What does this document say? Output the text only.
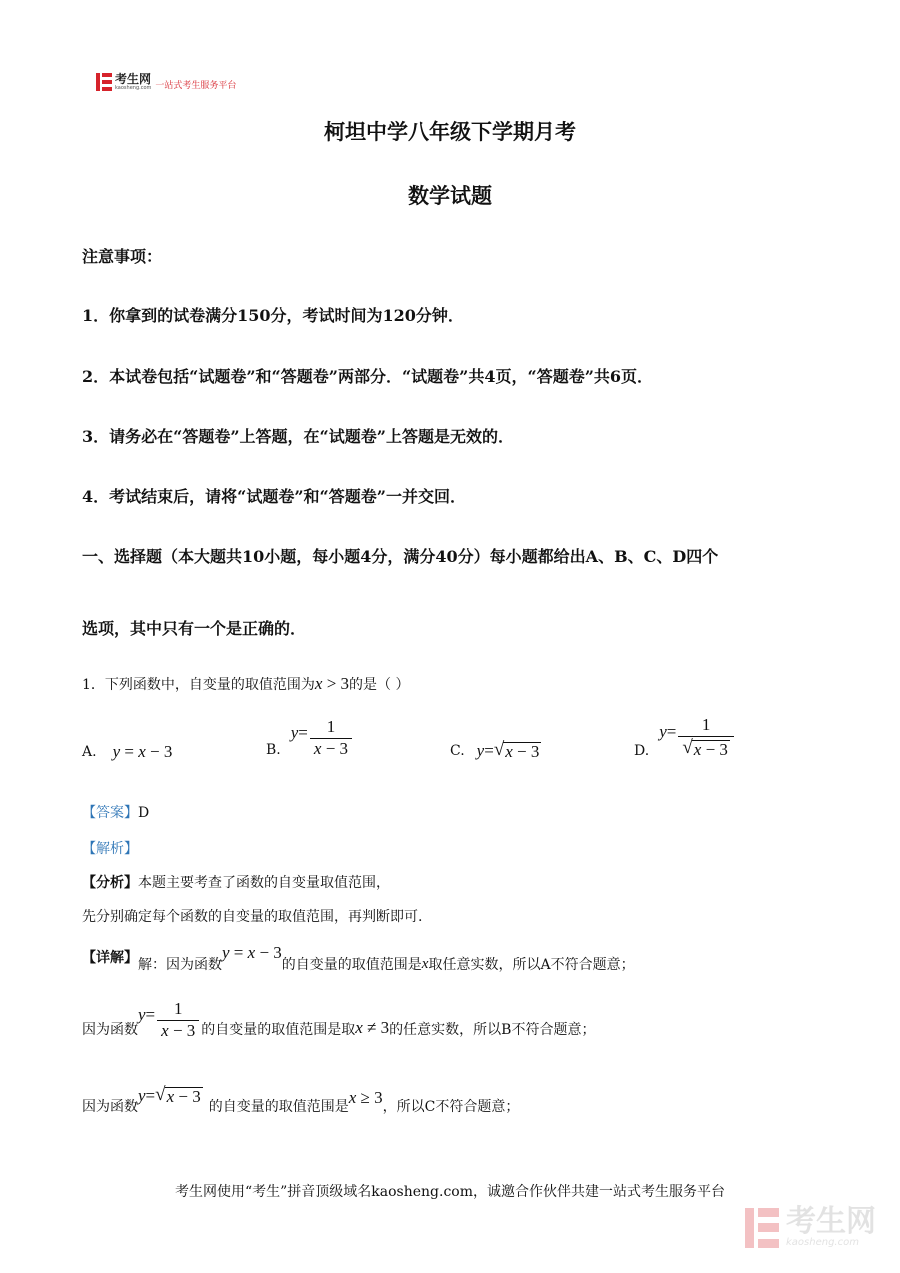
考生网
kaosheng.com 一站式考生服务平台
柯坦中学八年级下学期月考
数学试题
注意事项：
1．你拿到的试卷满分150分，考试时间为120分钟．
2．本试卷包括“试题卷”和“答题卷”两部分．“试题卷”共4页，“答题卷”共6页．
3．请务必在“答题卷”上答题，在“试题卷”上答题是无效的．
4．考试结束后，请将“试题卷”和“答题卷”一并交回．
一、选择题（本大题共10小题，每小题4分，满分40分）每小题都给出A、B、C、D四个
选项，其中只有一个是正确的．
1．下列函数中，自变量的取值范围为 x > 3 的是（ ）
A. y = x − 3	B.
$y = \frac{1}{x - 3}$	C. y = √ x − 3	D.
$y = \frac{1}{√ x - 3}$
【答案】D
【解析】
【分析】本题主要考查了函数的自变量取值范围，
先分别确定每个函数的自变量的取值范围，再判断即可.
【详解】 解：因为函数
y = x − 3
的自变量的取值范围是 x 取任意实数，所以A不符合题意；
因为函数
$y = \frac{1}{x - 3}$ 的自变量的取值范围是取 x ≠ 3 的任意实数，所以B不符合题意；
因为函数
y = √ x − 3
的自变量的取值范围是 x ≥ 3 ，所以C不符合题意；
考生网使用“考生”拼音顶级域名kaosheng.com，诚邀合作伙伴共建一站式考生服务平台
考生网
kaosheng.com
